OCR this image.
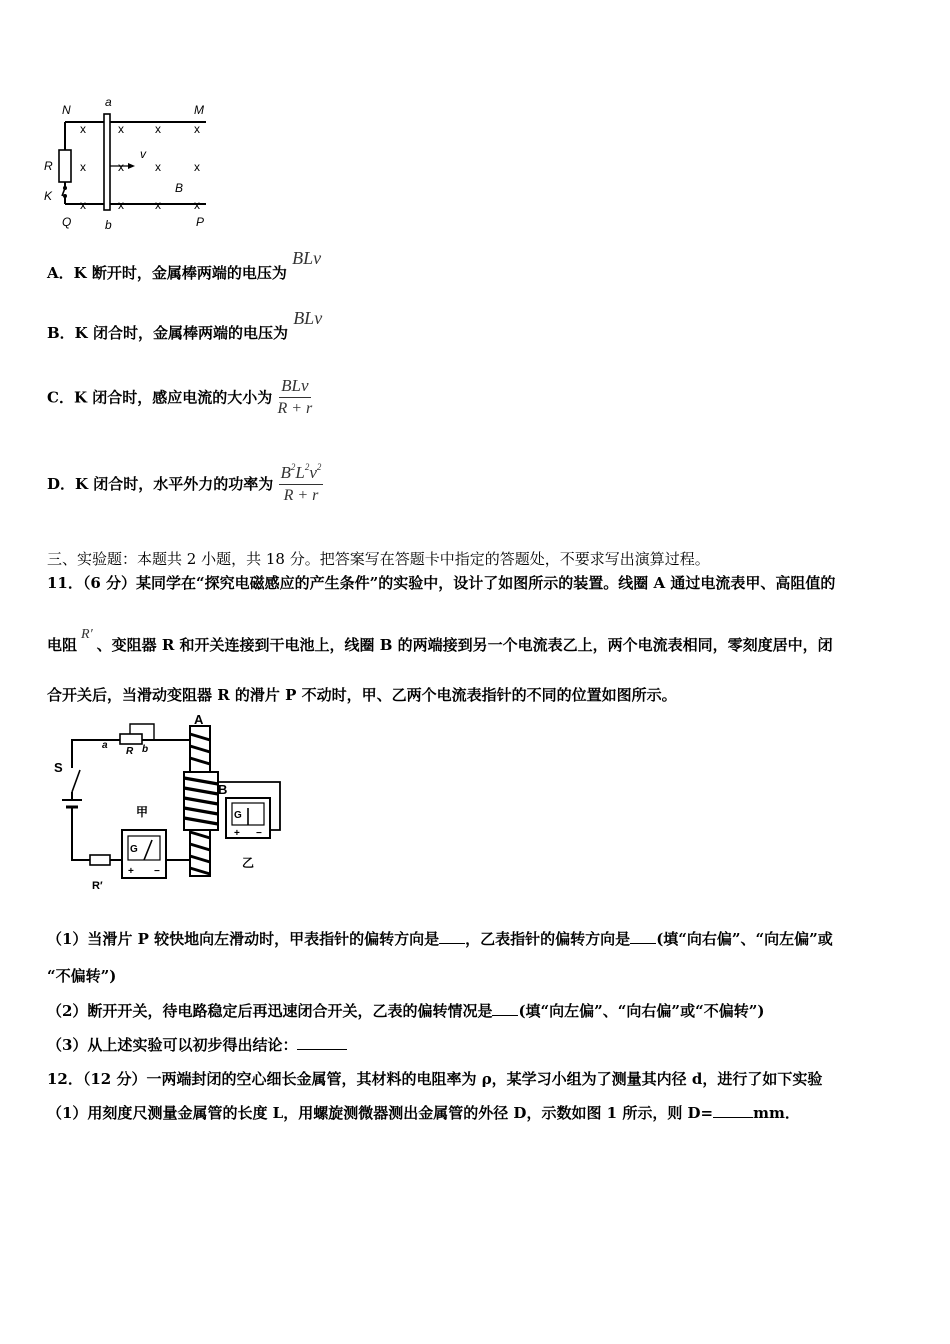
N
a
M
R
v
K
B
Q	b	P
x	x	x	x
x	x	x	x
x	x	x	x
A．K 断开时，金属棒两端的电压为 BLv
B．K 闭合时，金属棒两端的电压为 BLv
C．K 闭合时，感应电流的大小为 $\frac{\text{BLv}}{R + r}$
D．K 闭合时，水平外力的功率为 $\frac{B^2L^2v^2}{R + r}$
三、实验题：本题共 2 小题，共 18 分。把答案写在答题卡中指定的答题处，不要求写出演算过程。
11．（6 分）某同学在“探究电磁感应的产生条件”的实验中，设计了如图所示的装置。线圈 A 通过电流表甲、高阻值的
电阻R′、变阻器 R 和开关连接到干电池上，线圈 B 的两端接到另一个电流表乙上，两个电流表相同，零刻度居中，闭
合开关后，当滑动变阻器 R 的滑片 P 不动时，甲、乙两个电流表指针的不同的位置如图所示。
A
a
R b
S
B
甲
乙
G
+ −
G
+ −
R′
（1）当滑片 P 较快地向左滑动时，甲表指针的偏转方向是 ，乙表指针的偏转方向是 (填“向右偏”、“向左偏”或
“不偏转”)
（2）断开开关，待电路稳定后再迅速闭合开关，乙表的偏转情况是 (填“向左偏”、“向右偏”或“不偏转”)
（3）从上述实验可以初步得出结论：
12．（12 分）一两端封闭的空心细长金属管，其材料的电阻率为 ρ，某学习小组为了测量其内径 d，进行了如下实验
（1）用刻度尺测量金属管的长度 L，用螺旋测微器测出金属管的外径 D，示数如图 1 所示，则 D=	mm．
